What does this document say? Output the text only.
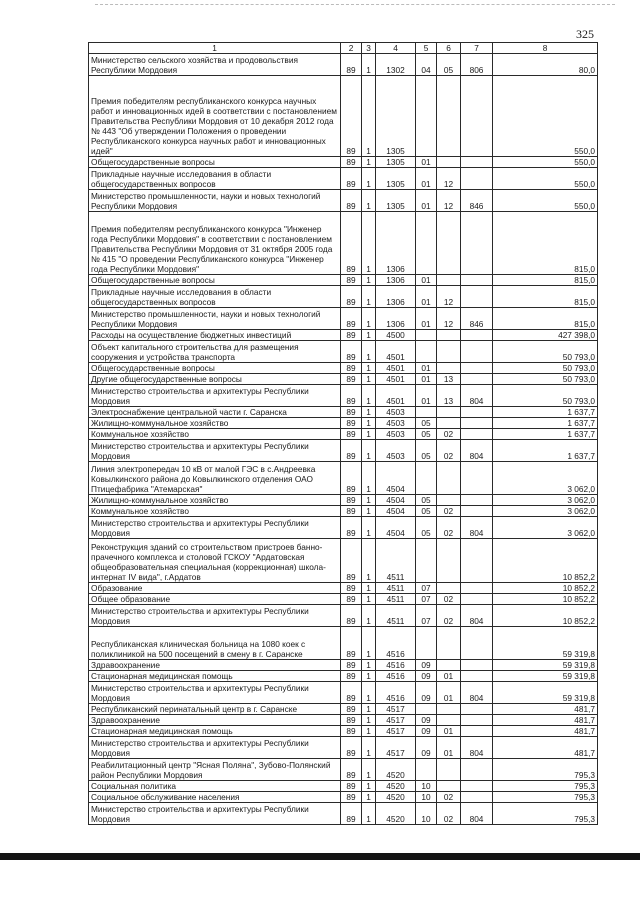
325
1	2	3	4	5	6	7	8
Министерство сельского хозяйства и продовольствия Республики Мордовия	89	1	1302	04	05	806	80,0
Премия победителям республиканского конкурса научных работ и инновационных идей в соответствии с постановлением Правительства Республики Мордовия от 10 декабря 2012 года № 443 "Об утверждении Положения о проведении Республиканского конкурса научных работ и инновационных идей"	89	1	1305				550,0
Общегосударственные вопросы	89	1	1305	01			550,0
Прикладные научные исследования в области общегосударственных вопросов	89	1	1305	01	12		550,0
Министерство промышленности, науки и новых технологий Республики Мордовия	89	1	1305	01	12	846	550,0
Премия победителям республиканского конкурса "Инженер года Республики Мордовия" в соответствии с постановлением Правительства Республики Мордовия от 31 октября 2005 года № 415 "О проведении Республиканского конкурса "Инженер года Республики Мордовия"	89	1	1306				815,0
Общегосударственные вопросы	89	1	1306	01			815,0
Прикладные научные исследования в области общегосударственных вопросов	89	1	1306	01	12		815,0
Министерство промышленности, науки и новых технологий Республики Мордовия	89	1	1306	01	12	846	815,0
Расходы на осуществление бюджетных инвестиций	89	1	4500				427 398,0
Объект капитального строительства для размещения сооружения и устройства транспорта	89	1	4501				50 793,0
Общегосударственные вопросы	89	1	4501	01			50 793,0
Другие общегосударственные вопросы	89	1	4501	01	13		50 793,0
Министерство строительства и архитектуры Республики Мордовия	89	1	4501	01	13	804	50 793,0
Электроснабжение центральной части г. Саранска	89	1	4503				1 637,7
Жилищно-коммунальное хозяйство	89	1	4503	05			1 637,7
Коммунальное хозяйство	89	1	4503	05	02		1 637,7
Министерство строительства и архитектуры Республики Мордовия	89	1	4503	05	02	804	1 637,7
Линия электропередач 10 кВ от малой ГЭС в с.Андреевка Ковылкинского района до Ковылкинского отделения ОАО Птицефабрика "Атемарская"	89	1	4504				3 062,0
Жилищно-коммунальное хозяйство	89	1	4504	05			3 062,0
Коммунальное хозяйство	89	1	4504	05	02		3 062,0
Министерство строительства и архитектуры Республики Мордовия	89	1	4504	05	02	804	3 062,0
Реконструкция зданий со строительством пристроев банно-прачечного комплекса и столовой ГСКОУ "Ардатовская общеобразовательная специальная (коррекционная) школа-интернат IV вида", г.Ардатов	89	1	4511				10 852,2
Образование	89	1	4511	07			10 852,2
Общее образование	89	1	4511	07	02		10 852,2
Министерство строительства и архитектуры Республики Мордовия	89	1	4511	07	02	804	10 852,2
Республиканская клиническая больница на 1080 коек с поликлиникой на 500 посещений в смену в г. Саранске	89	1	4516				59 319,8
Здравоохранение	89	1	4516	09			59 319,8
Стационарная медицинская помощь	89	1	4516	09	01		59 319,8
Министерство строительства и архитектуры Республики Мордовия	89	1	4516	09	01	804	59 319,8
Республиканский перинатальный центр в г. Саранске	89	1	4517				481,7
Здравоохранение	89	1	4517	09			481,7
Стационарная медицинская помощь	89	1	4517	09	01		481,7
Министерство строительства и архитектуры Республики Мордовия	89	1	4517	09	01	804	481,7
Реабилитационный центр "Ясная Поляна", Зубово-Полянский район Республики Мордовия	89	1	4520				795,3
Социальная политика	89	1	4520	10			795,3
Социальное обслуживание населения	89	1	4520	10	02		795,3
Министерство строительства и архитектуры Республики Мордовия	89	1	4520	10	02	804	795,3
